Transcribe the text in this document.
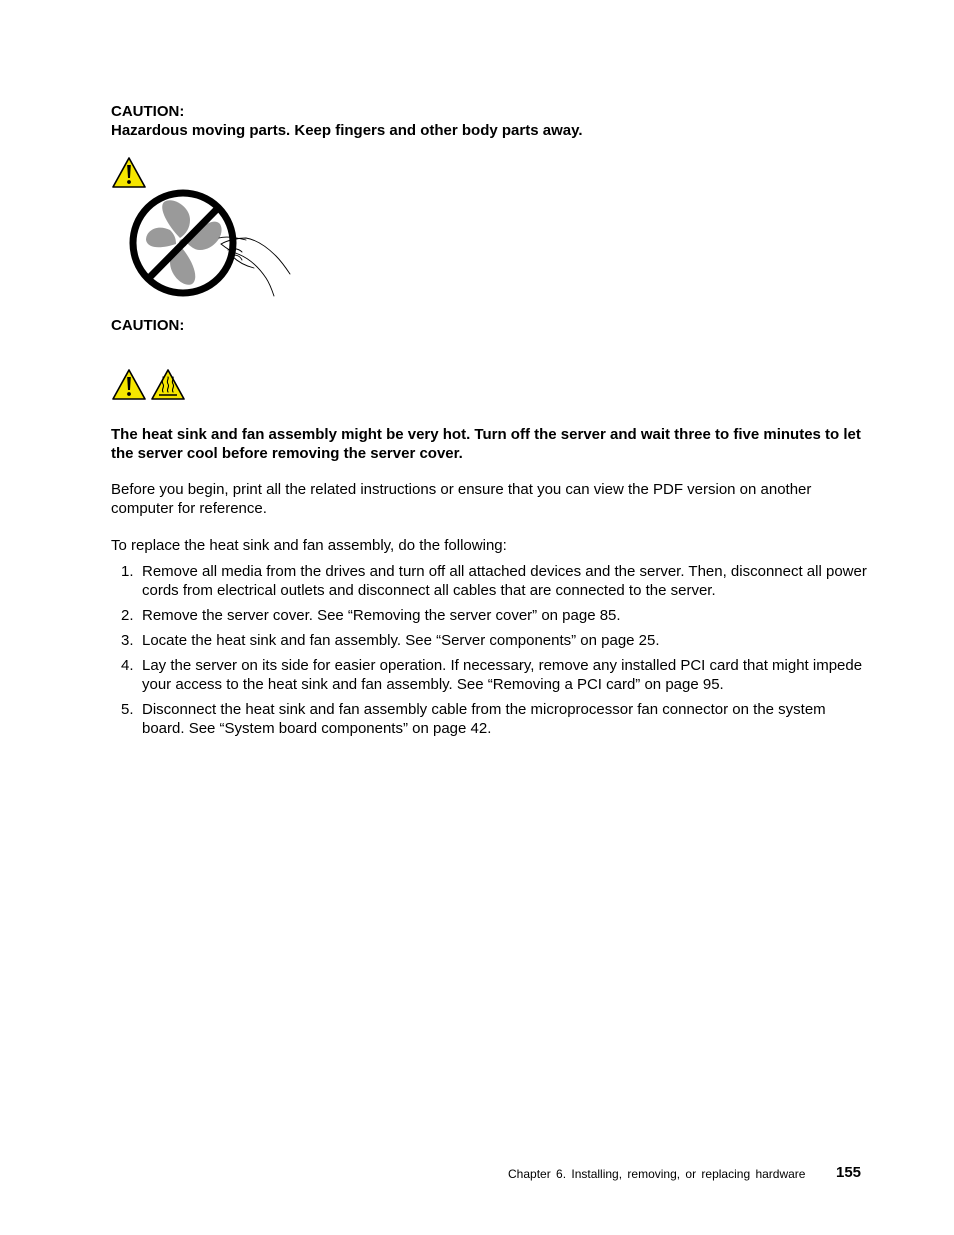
CAUTION:
Hazardous moving parts. Keep fingers and other body parts away.
CAUTION:
The heat sink and fan assembly might be very hot. Turn off the server and wait three to five minutes to let the server cool before removing the server cover.
Before you begin, print all the related instructions or ensure that you can view the PDF version on another computer for reference.
To replace the heat sink and fan assembly, do the following:
1. Remove all media from the drives and turn off all attached devices and the server. Then, disconnect all power cords from electrical outlets and disconnect all cables that are connected to the server.
2. Remove the server cover. See “Removing the server cover” on page 85.
3. Locate the heat sink and fan assembly. See “Server components” on page 25.
4. Lay the server on its side for easier operation. If necessary, remove any installed PCI card that might impede your access to the heat sink and fan assembly. See “Removing a PCI card” on page 95.
5. Disconnect the heat sink and fan assembly cable from the microprocessor fan connector on the system board. See “System board components” on page 42.
Chapter 6. Installing, removing, or replacing hardware 155
